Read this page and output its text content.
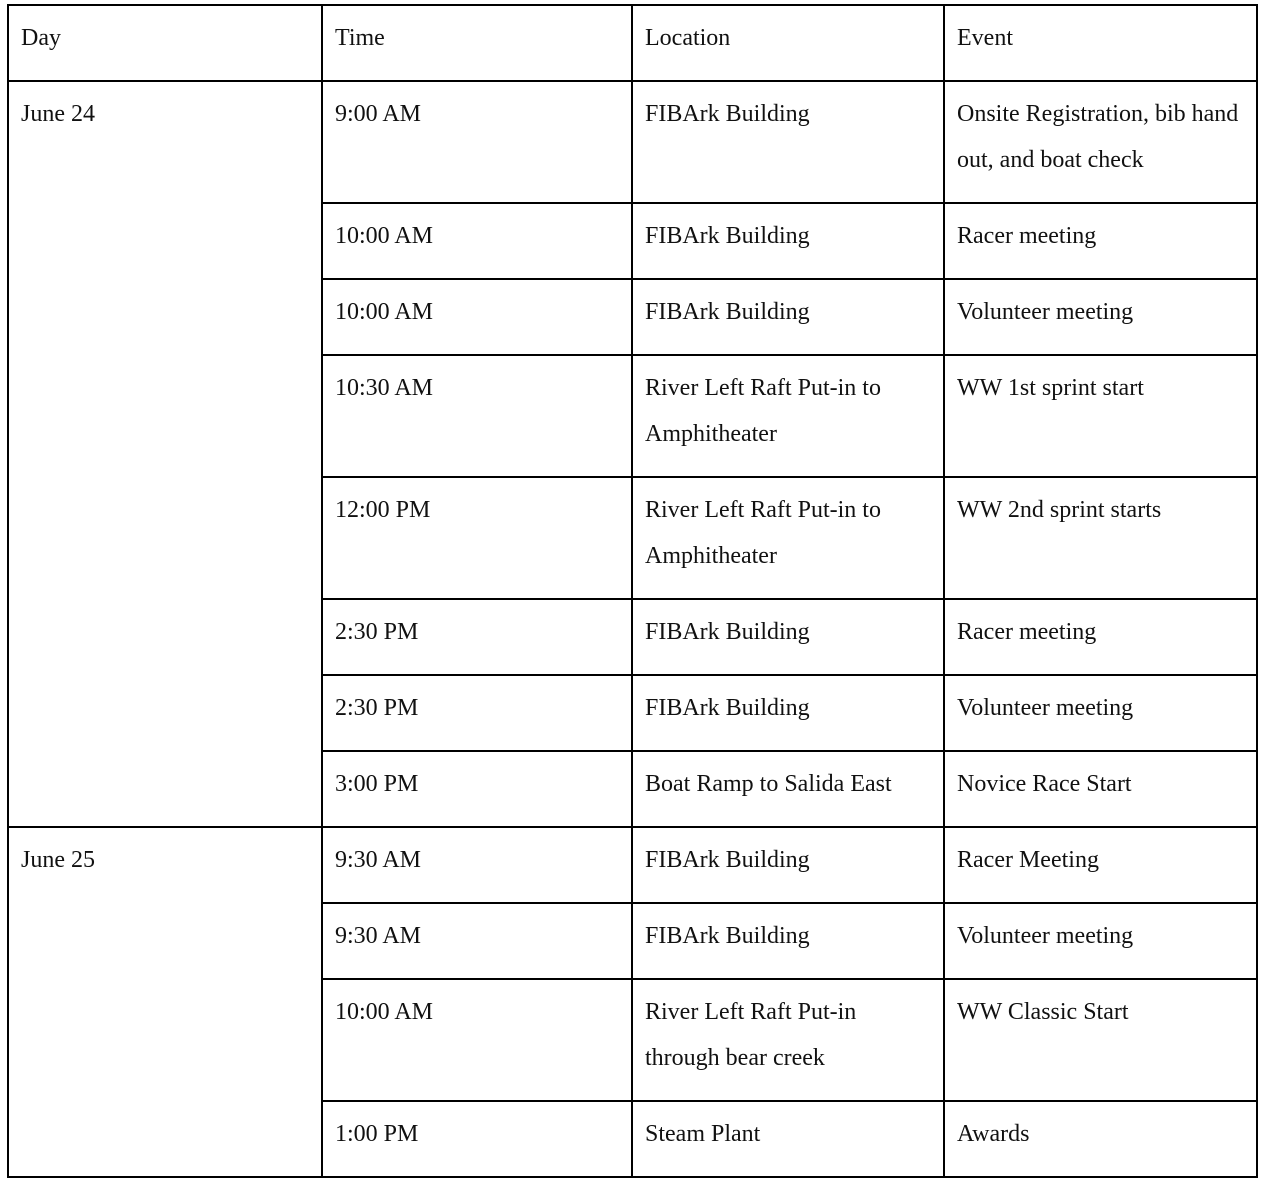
Day	Time	Location	Event
June 24	9:00 AM	FIBArk Building	Onsite Registration, bib hand out, and boat check
	10:00 AM	FIBArk Building	Racer meeting
	10:00 AM	FIBArk Building	Volunteer meeting
	10:30 AM	River Left Raft Put-in to Amphitheater	WW 1st sprint start
	12:00 PM	River Left Raft Put-in to Amphitheater	WW 2nd sprint starts
	2:30 PM	FIBArk Building	Racer meeting
	2:30 PM	FIBArk Building	Volunteer meeting
	3:00 PM	Boat Ramp to Salida East	Novice Race Start
June 25	9:30 AM	FIBArk Building	Racer Meeting
	9:30 AM	FIBArk Building	Volunteer meeting
	10:00 AM	River Left Raft Put-in through bear creek	WW Classic Start
	1:00 PM	Steam Plant	Awards
